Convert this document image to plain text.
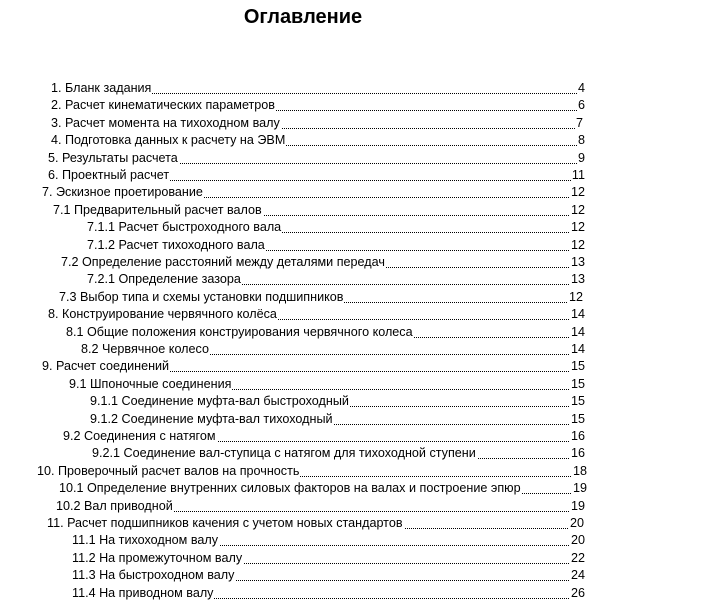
Оглавление
1. Бланк задания	4
2. Расчет кинематических параметров	6
3. Расчет момента на тихоходном валу	7
4. Подготовка данных к расчету на ЭВМ	8
5. Результаты расчета	9
6. Проектный расчет	11
7. Эскизное проетирование	12
7.1 Предварительный расчет валов	12
7.1.1 Расчет быстроходного вала	12
7.1.2 Расчет тихоходного вала	12
7.2 Определение расстояний между деталями передач	13
7.2.1 Определение зазора	13
7.3 Выбор типа и схемы установки подшипников	12
8. Конструирование червячного колёса	14
8.1 Общие положения конструирования червячного колеса	14
8.2 Червячное колесо	14
9. Расчет соединений	15
9.1 Шпоночные соединения	15
9.1.1 Соединение муфта-вал быстроходный	15
9.1.2 Соединение муфта-вал тихоходный	15
9.2 Соединения с натягом	16
9.2.1 Соединение вал-ступица с натягом для тихоходной ступени	16
10. Проверочный расчет валов на прочность	18
10.1 Определение внутренних силовых факторов на валах и построение эпюр	19
10.2 Вал приводной	19
11. Расчет подшипников качения с учетом новых стандартов	20
11.1 На тихоходном валу	20
11.2 На промежуточном валу	22
11.3 На быстроходном валу	24
11.4 На приводном валу	26
